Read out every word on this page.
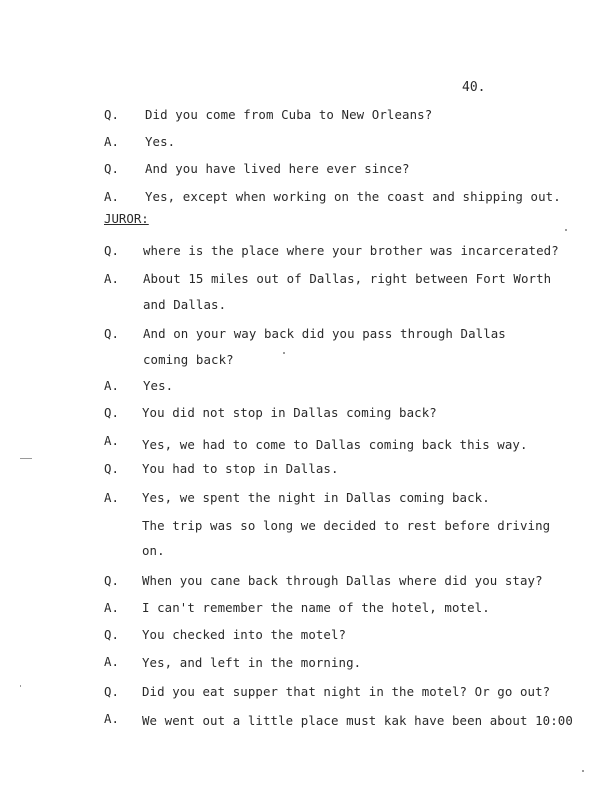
40.
JUROR:
Q. Did you come from Cuba to New Orleans?
A. Yes.
Q. And you have lived here ever since?
A. Yes, except when working on the coast and shipping out.
Q. where is the place where your brother was incarcerated?
A. About 15 miles out of Dallas, right between Fort Worth
and Dallas.
Q. And on your way back did you pass through Dallas
coming back?
A. Yes.
Q. You did not stop in Dallas coming back?
A. Yes, we had to come to Dallas coming back this way.
Q. You had to stop in Dallas.
A. Yes, we spent the night in Dallas coming back.
The trip was so long we decided to rest before driving
on.
Q. When you cane back through Dallas where did you stay?
A. I can't remember the name of the hotel, motel.
Q. You checked into the motel?
A. Yes, and left in the morning.
Q. Did you eat supper that night in the motel? Or go out?
A. We went out a little place must kak have been about 10:00
